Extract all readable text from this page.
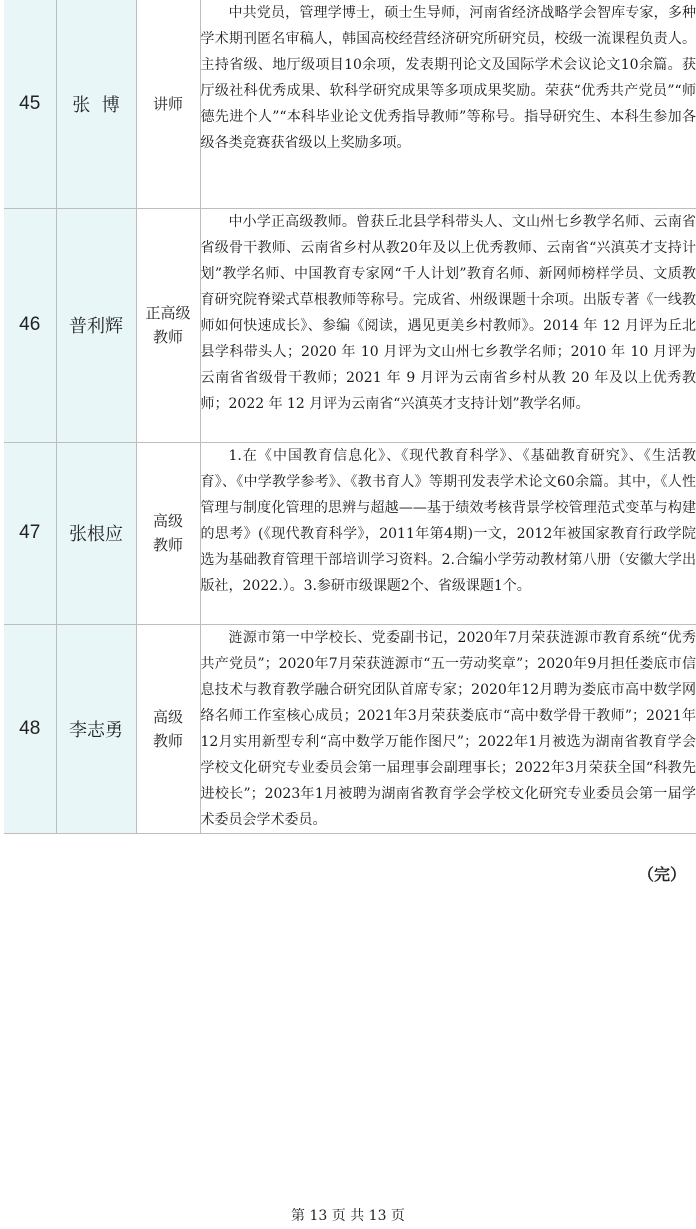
45	张  博	讲师	中共党员，管理学博士，硕士生导师，河南省经济战略学会智库专家，多种学术期刊匿名审稿人，韩国高校经营经济研究所研究员，校级一流课程负责人。主持省级、地厅级项目10余项，发表期刊论文及国际学术会议论文10余篇。获厅级社科优秀成果、软科学研究成果等多项成果奖励。荣获“优秀共产党员”“师德先进个人”“本科毕业论文优秀指导教师”等称号。指导研究生、本科生参加各级各类竞赛获省级以上奖励多项。
46	普利辉	正高级教师	中小学正高级教师。曾获丘北县学科带头人、文山州七乡教学名师、云南省省级骨干教师、云南省乡村从教20年及以上优秀教师、云南省“兴滇英才支持计划”教学名师、中国教育专家网“千人计划”教育名师、新网师榜样学员、文质教育研究院脊梁式草根教师等称号。完成省、州级课题十余项。出版专著《一线教师如何快速成长》、参编《阅读，遇见更美乡村教师》。2014 年 12 月评为丘北县学科带头人；2020 年 10 月评为文山州七乡教学名师；2010 年 10 月评为云南省省级骨干教师；2021 年 9 月评为云南省乡村从教 20 年及以上优秀教师；2022 年 12 月评为云南省“兴滇英才支持计划”教学名师。
47	张根应	高级教师	1.在《中国教育信息化》、《现代教育科学》、《基础教育研究》、《生活教育》、《中学教学参考》、《教书育人》等期刊发表学术论文60余篇。其中，《人性管理与制度化管理的思辨与超越——基于绩效考核背景学校管理范式变革与构建的思考》(《现代教育科学》，2011年第4期)一文，2012年被国家教育行政学院选为基础教育管理干部培训学习资料。2.合编小学劳动教材第八册（安徽大学出版社，2022.）。3.参研市级课题2个、省级课题1个。
48	李志勇	高级教师	涟源市第一中学校长、党委副书记，2020年7月荣获涟源市教育系统“优秀共产党员”；2020年7月荣获涟源市“五一劳动奖章”；2020年9月担任娄底市信息技术与教育教学融合研究团队首席专家；2020年12月聘为娄底市高中数学网络名师工作室核心成员；2021年3月荣获娄底市“高中数学骨干教师”；2021年12月实用新型专利“高中数学万能作图尺”；2022年1月被选为湖南省教育学会学校文化研究专业委员会第一届理事会副理事长；2022年3月荣获全国“科教先进校长”；2023年1月被聘为湖南省教育学会学校文化研究专业委员会第一届学术委员会学术委员。
（完）
第 13 页 共 13 页
